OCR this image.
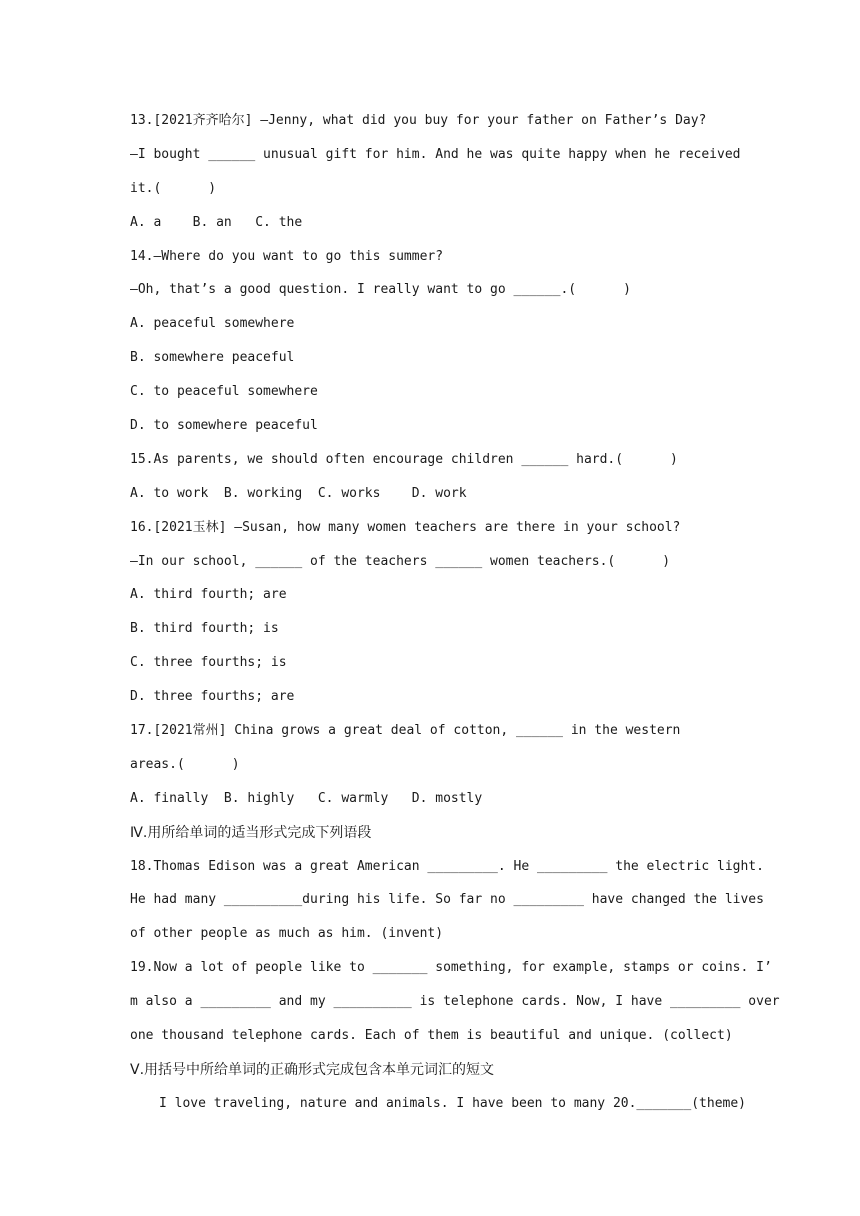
13.[2021齐齐哈尔] —Jenny, what did you buy for your father on Father’s Day?
—I bought ______ unusual gift for him. And he was quite happy when he received
it.(      )
A. a    B. an   C. the
14.—Where do you want to go this summer?
—Oh, that’s a good question. I really want to go ______.(      )
A. peaceful somewhere
B. somewhere peaceful
C. to peaceful somewhere
D. to somewhere peaceful
15.As parents, we should often encourage children ______ hard.(      )
A. to work  B. working  C. works    D. work
16.[2021玉林] —Susan, how many women teachers are there in your school?
—In our school, ______ of the teachers ______ women teachers.(      )
A. third fourth; are
B. third fourth; is
C. three fourths; is
D. three fourths; are
17.[2021常州] China grows a great deal of cotton, ______ in the western
areas.(      )
A. finally  B. highly   C. warmly   D. mostly
Ⅳ.用所给单词的适当形式完成下列语段
18.Thomas Edison was a great American _________. He _________ the electric light.
He had many __________during his life. So far no _________ have changed the lives
of other people as much as him. (invent)
19.Now a lot of people like to _______ something, for example, stamps or coins. I’
m also a _________ and my __________ is telephone cards. Now, I have _________ over
one thousand telephone cards. Each of them is beautiful and unique. (collect)
Ⅴ.用括号中所给单词的正确形式完成包含本单元词汇的短文
I love traveling, nature and animals. I have been to many 20._______(theme)
